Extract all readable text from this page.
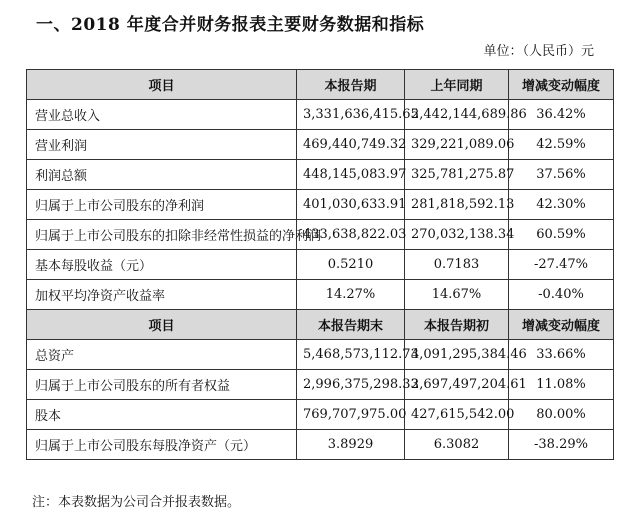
一、2018 年度合并财务报表主要财务数据和指标
单位：（人民币）元
项目	本报告期	上年同期	增减变动幅度
营业总收入	3,331,636,415.65	2,442,144,689.86	36.42%
营业利润	469,440,749.32	329,221,089.06	42.59%
利润总额	448,145,083.97	325,781,275.87	37.56%
归属于上市公司股东的净利润	401,030,633.91	281,818,592.13	42.30%
归属于上市公司股东的扣除非经常性损益的净利润	433,638,822.03	270,032,138.34	60.59%
基本每股收益（元）	0.5210	0.7183	-27.47%
加权平均净资产收益率	14.27%	14.67%	-0.40%
项目	本报告期末	本报告期初	增减变动幅度
总资产	5,468,573,112.73	4,091,295,384.46	33.66%
归属于上市公司股东的所有者权益	2,996,375,298.33	2,697,497,204.61	11.08%
股本	769,707,975.00	427,615,542.00	80.00%
归属于上市公司股东每股净资产（元）	3.8929	6.3082	-38.29%
注：本表数据为公司合并报表数据。
